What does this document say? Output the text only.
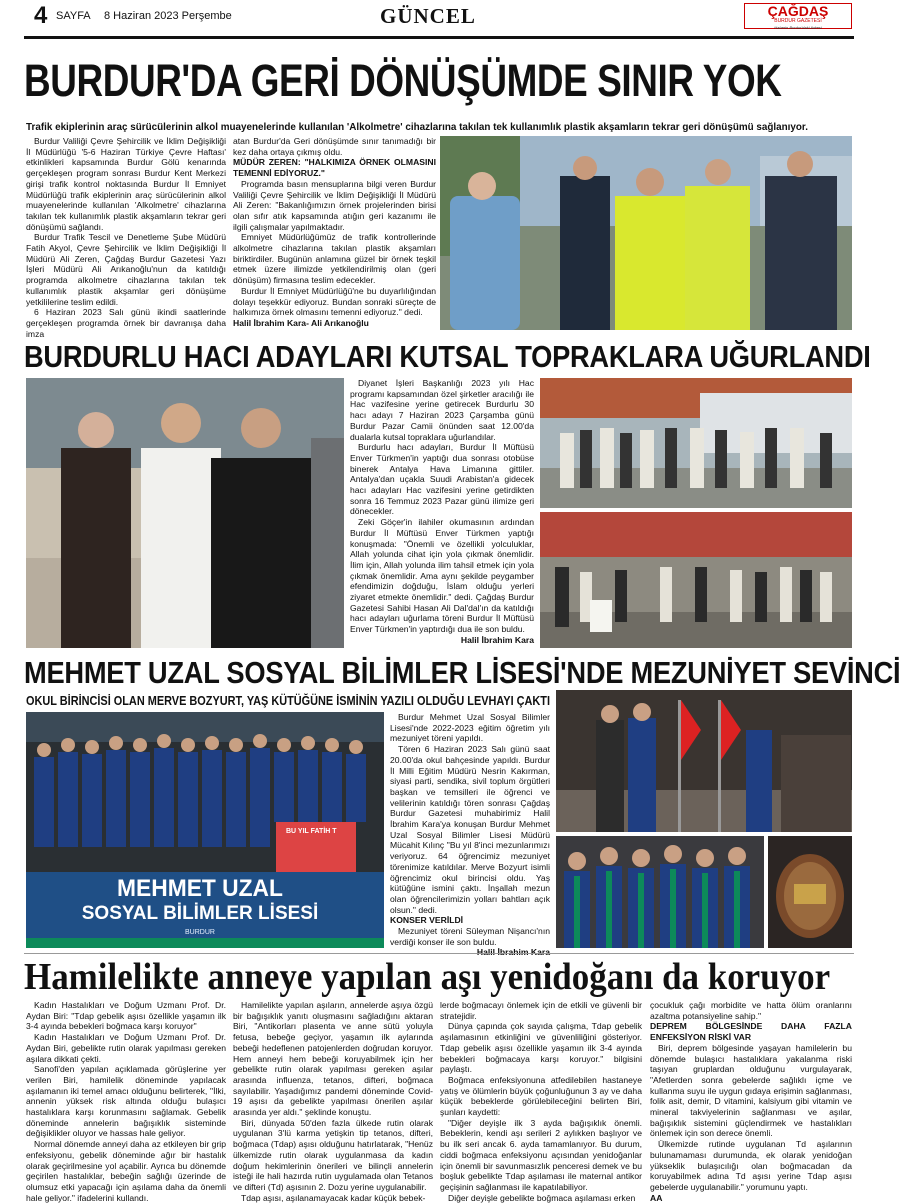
4 SAYFA 8 Haziran 2023 Perşembe	GÜNCEL	ÇAĞDAŞ
BURDUR GAZETESİ
Haberin Burdur'daki Adresi
BURDUR'DA GERİ DÖNÜŞÜMDE SINIR YOK
Trafik ekiplerinin araç sürücülerinin alkol muayenelerinde kullanılan 'Alkolmetre' cihazlarına takılan tek kullanımlık plastik akşamların tekrar geri dönüşümü sağlanıyor.

Burdur Valiliği Çevre Şehircilik ve İklim Değişikliği İl Müdürlüğü '5-6 Haziran Türkiye Çevre Haftası' etkinlikleri kapsamında Burdur Gölü kenarında gerçekleşen program sonrası Burdur Kent Merkezi girişi trafik kontrol noktasında Burdur İl Emniyet Müdürlüğü trafik ekiplerinin araç sürücülerinin alkol muayenelerinde kullanılan 'Alkolmetre' cihazlarına takılan tek kullanımlık plastik akşamların tekrar geri dönüşümü sağlandı.

Burdur Trafik Tescil ve Denetleme Şube Müdürü Fatih Akyol, Çevre Şehircilik ve İklim Değişikliği İl Müdürü Ali Zeren, Çağdaş Burdur Gazetesi Yazı İşleri Müdürü Ali Arıkanoğlu'nun da katıldığı programda alkolmetre cihazlarına takılan tek kullanımlık plastik akşamlar geri dönüşüme yetkililerine teslim edildi.

6 Haziran 2023 Salı günü ikindi saatlerinde gerçekleşen programda örnek bir davranışa daha imza

atan Burdur'da Geri dönüşümde sınır tanımadığı bir kez daha ortaya çıkmış oldu.

MÜDÜR ZEREN: "HALKIMIZA ÖRNEK OLMASINI TEMENNİ EDİYORUZ."

Programda basın mensuplarına bilgi veren Burdur Valiliği Çevre Şehircilik ve İklim Değişikliği İl Müdürü Ali Zeren: "Bakanlığımızın örnek projelerinden birisi olan sıfır atık kapsamında atığın geri kazanımı ile ilgili çalışmalar yapılmaktadır.

Emniyet Müdürlüğümüz de trafik kontrollerinde alkolmetre cihazlarına takılan plastik akşamları biriktirdiler. Bugünün anlamına güzel bir örnek teşkil etmek üzere ilimizde yetkilendirilmiş olan (geri dönüşüm) firmasına teslim edecekler.

Burdur İl Emniyet Müdürlüğü'ne bu duyarlılığından dolayı teşekkür ediyoruz. Bundan sonraki süreçte de halkımıza örnek olmasını temenni ediyoruz." dedi.

Halil İbrahim Kara- Ali Arıkanoğlu
BURDURLU HACI ADAYLARI KUTSAL TOPRAKLARA UĞURLANDI

Diyanet İşleri Başkanlığı 2023 yılı Hac programı kapsamından özel şirketler aracılığı ile Hac vazifesine yerine getirecek Burdurlu 30 hacı adayı 7 Haziran 2023 Çarşamba günü Burdur Pazar Camii önünden saat 12.00'da dualarla kutsal topraklara uğurlandılar.

Burdurlu hacı adayları, Burdur İl Müftüsü Enver Türkmen'in yaptığı dua sonrası otobüse binerek Antalya Hava Limanına gittiler. Antalya'dan uçakla Suudi Arabistan'a gidecek hacı adayları Hac vazifesini yerine getirdikten sonra 16 Temmuz 2023 Pazar günü ilimize geri dönecekler.

Zeki Göçer'in ilahiler okumasının ardından Burdur İl Müftüsü Enver Türkmen yaptığı konuşmada: "Önemli ve özellikli yolculuklar, Allah yolunda cihat için yola çıkmak önemlidir. İlim için, Allah yolunda ilim tahsil etmek için yola çıkmak önemlidir. Ama aynı şekilde peygamber efendimizin doğduğu, İslam olduğu yerleri ziyaret etmekte önemlidir." dedi. Çağdaş Burdur Gazetesi Sahibi Hasan Ali Dal'dal'ın da katıldığı hacı adayları uğurlama töreni Burdur İl Müftüsü Enver Türkmen'in yaptırdığı dua ile son buldu.

Halil İbrahim Kara
MEHMET UZAL SOSYAL BİLİMLER LİSESİ'NDE MEZUNİYET SEVİNCİ
OKUL BİRİNCİSİ OLAN MERVE BOZYURT, YAŞ KÜTÜĞÜNE İSMİNİN YAZILI OLDUĞU LEVHAYI ÇAKTI
MEHMET UZAL
SOSYAL BİLİMLER LİSESİ
BURDUR
BU YIL FATİH T

Burdur Mehmet Uzal Sosyal Bilimler Lisesi'nde 2022-2023 eğitim öğretim yılı mezuniyet töreni yapıldı.

Tören 6 Haziran 2023 Salı günü saat 20.00'da okul bahçesinde yapıldı. Burdur İl Milli Eğitim Müdürü Nesrin Kakırman, siyasi parti, sendika, sivil toplum örgütleri başkan ve temsilleri ile öğrenci ve velilerinin katıldığı tören sonrası Çağdaş Burdur Gazetesi muhabirimiz Halil İbrahim Kara'ya konuşan Burdur Mehmet Uzal Sosyal Bilimler Lisesi Müdürü Mücahit Kılınç "Bu yıl 8'inci mezunlarımızı veriyoruz. 64 öğrencimiz mezuniyet törenimize katıldılar. Merve Bozyurt isimli öğrencimiz okul birincisi oldu. Yaş kütüğüne ismini çaktı. İnşallah mezun olan öğrencilerimizin yolları bahtları açık olsun." dedi.

KONSER VERİLDİ

Mezuniyet töreni Süleyman Nişancı'nın verdiği konser ile son buldu.

Hamilelikte anneye yapılan aşı yenidoğanı da koruyor

Kadın Hastalıkları ve Doğum Uzmanı Prof. Dr. Aydan Biri: "Tdap gebelik aşısı özellikle yaşamın ilk 3-4 ayında bebekleri boğmaca karşı koruyor"

Kadın Hastalıkları ve Doğum Uzmanı Prof. Dr. Aydan Biri, gebelikte rutin olarak yapılması gereken aşılara dikkati çekti.

Sanofi'den yapılan açıklamada görüşlerine yer verilen Biri, hamilelik döneminde yapılacak aşılamanın iki temel amacı olduğunu belirterek, "İlki, annenin yüksek risk altında olduğu bulaşıcı hastalıklara karşı korunmasını sağlamak. Gebelik döneminde annelerin bağışıklık sisteminde değişiklikler oluyor ve hassas hale geliyor.

Normal dönemde anneyi daha az etkileyen bir grip enfeksiyonu, gebelik döneminde ağır bir hastalık olarak geçirilmesine yol açabilir. Ayrıca bu dönemde geçirilen hastalıklar, bebeğin sağlığı üzerinde de olumsuz etki yapacağı için aşılama daha da önemli hale geliyor." ifadelerini kullandı.

Hamilelikte yapılan aşıların, annelerde aşıya özgü bir bağışıklık yanıtı oluşmasını sağladığını aktaran Biri, "Antikorları plasenta ve anne sütü yoluyla fetusa, bebeğe geçiyor, yaşamın ilk aylarında bebeği hedeflenen patojenlerden doğrudan koruyor. Hem anneyi hem bebeği koruyabilmek için her gebelikte rutin olarak yapılması gereken aşılar arasında influenza, tetanos, difteri, boğmaca sayılabilir. Yaşadığımız pandemi döneminde Covid-19 aşısı da gebelikte yapılması önerilen aşılar arasında yer aldı." şeklinde konuştu.

Biri, dünyada 50'den fazla ülkede rutin olarak uygulanan 3'lü karma yetişkin tip tetanos, difteri, boğmaca (Tdap) aşısı olduğunu hatırlatarak, "Henüz ülkemizde rutin olarak uygulanmasa da kadın doğum hekimlerinin önerileri ve bilinçli annelerin isteği ile hali hazırda rutin uygulamada olan Tetanos ve difteri (Td) aşısının 2. Dozu yerine uygulanabilir.

Tdap aşısı, aşılanamayacak kadar küçük bebek-

lerde boğmacayı önlemek için de etkili ve güvenli bir stratejidir.

Dünya çapında çok sayıda çalışma, Tdap gebelik aşılamasının etkinliğini ve güvenliliğini gösteriyor. Tdap gebelik aşısı özellikle yaşamın ilk 3-4 ayında bebekleri boğmacaya karşı koruyor." bilgisini paylaştı.

Boğmaca enfeksiyonuna atfedilebilen hastaneye yatış ve ölümlerin büyük çoğunluğunun 3 ay ve daha küçük bebeklerde görülebileceğini belirten Biri, şunları kaydetti:

"Diğer deyişle ilk 3 ayda bağışıklık önemli. Bebeklerin, kendi aşı serileri 2 aylıkken başlıyor ve bu ilk seri ancak 6. ayda tamamlanıyor. Bu durum, ciddi boğmaca enfeksiyonu açısından yenidoğanlar için önemli bir savunmasızlık penceresi demek ve bu boşluk gebelikte Tdap aşılaması ile maternal antikor geçişinin sağlanması ile kapatılabiliyor.

Diğer deyişle gebelikte boğmaca aşılaması erken

çocukluk çağı morbidite ve hatta ölüm oranlarını azaltma potansiyeline sahip."

DEPREM BÖLGESİNDE DAHA FAZLA ENFEKSİYON RİSKİ VAR

Biri, deprem bölgesinde yaşayan hamilelerin bu dönemde bulaşıcı hastalıklara yakalanma riski taşıyan gruplardan olduğunu vurgulayarak, "Afetlerden sonra gebelerde sağlıklı içme ve kullanma suyu ile uygun gıdaya erişimin sağlanması, folik asit, demir, D vitamini, kalsiyum gibi vitamin ve mineral takviyelerinin sağlanması ve aşılar, bağışıklık sistemini güçlendirmek ve hastalıkları önlemek için son derece önemli.

Ülkemizde rutinde uygulanan Td aşılarının bulunamaması durumunda, ek olarak yenidoğan yükseklik bulaşıcılığı olan boğmacadan da koruyabilmek adına Td aşısı yerine Tdap aşısı gebelerde uygulanabilir." yorumunu yaptı.

AA
